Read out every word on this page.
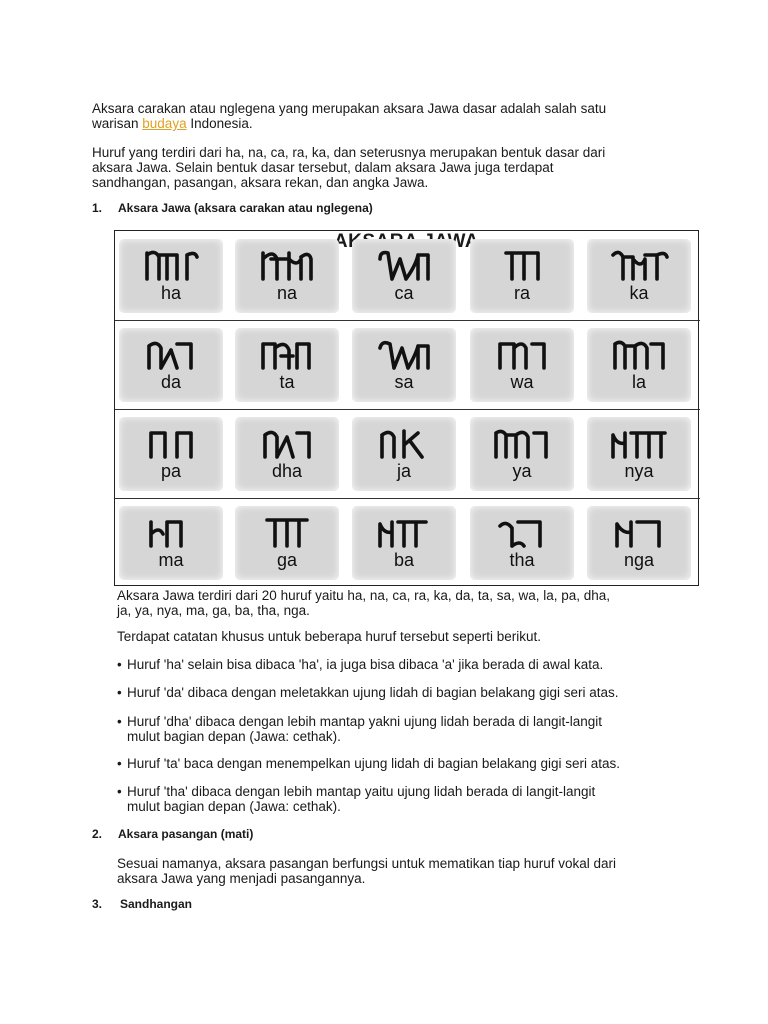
Aksara carakan atau nglegena yang merupakan aksara Jawa dasar adalah salah satu
warisan budaya Indonesia.

Huruf yang terdiri dari ha, na, ca, ra, ka, dan seterusnya merupakan bentuk dasar dari
aksara Jawa. Selain bentuk dasar tersebut, dalam aksara Jawa juga terdapat
sandhangan, pasangan, aksara rekan, dan angka Jawa.

1. Aksara Jawa (aksara carakan atau nglegena)
ha	na	ca	ra	ka
da	ta	sa	wa	la
pa	dha	ja	ya	nya
ma	ga	ba	tha	nga

Aksara Jawa terdiri dari 20 huruf yaitu ha, na, ca, ra, ka, da, ta, sa, wa, la, pa, dha,
ja, ya, nya, ma, ga, ba, tha, nga.

Terdapat catatan khusus untuk beberapa huruf tersebut seperti berikut.

• Huruf 'ha' selain bisa dibaca 'ha', ia juga bisa dibaca 'a' jika berada di awal kata.
• Huruf 'da' dibaca dengan meletakkan ujung lidah di bagian belakang gigi seri atas.
• Huruf 'dha' dibaca dengan lebih mantap yakni ujung lidah berada di langit-langit
mulut bagian depan (Jawa: cethak).
• Huruf 'ta' baca dengan menempelkan ujung lidah di bagian belakang gigi seri atas.
• Huruf 'tha' dibaca dengan lebih mantap yaitu ujung lidah berada di langit-langit
mulut bagian depan (Jawa: cethak).
2. Aksara pasangan (mati)

Sesuai namanya, aksara pasangan berfungsi untuk mematikan tiap huruf vokal dari
aksara Jawa yang menjadi pasangannya.

3. Sandhangan
